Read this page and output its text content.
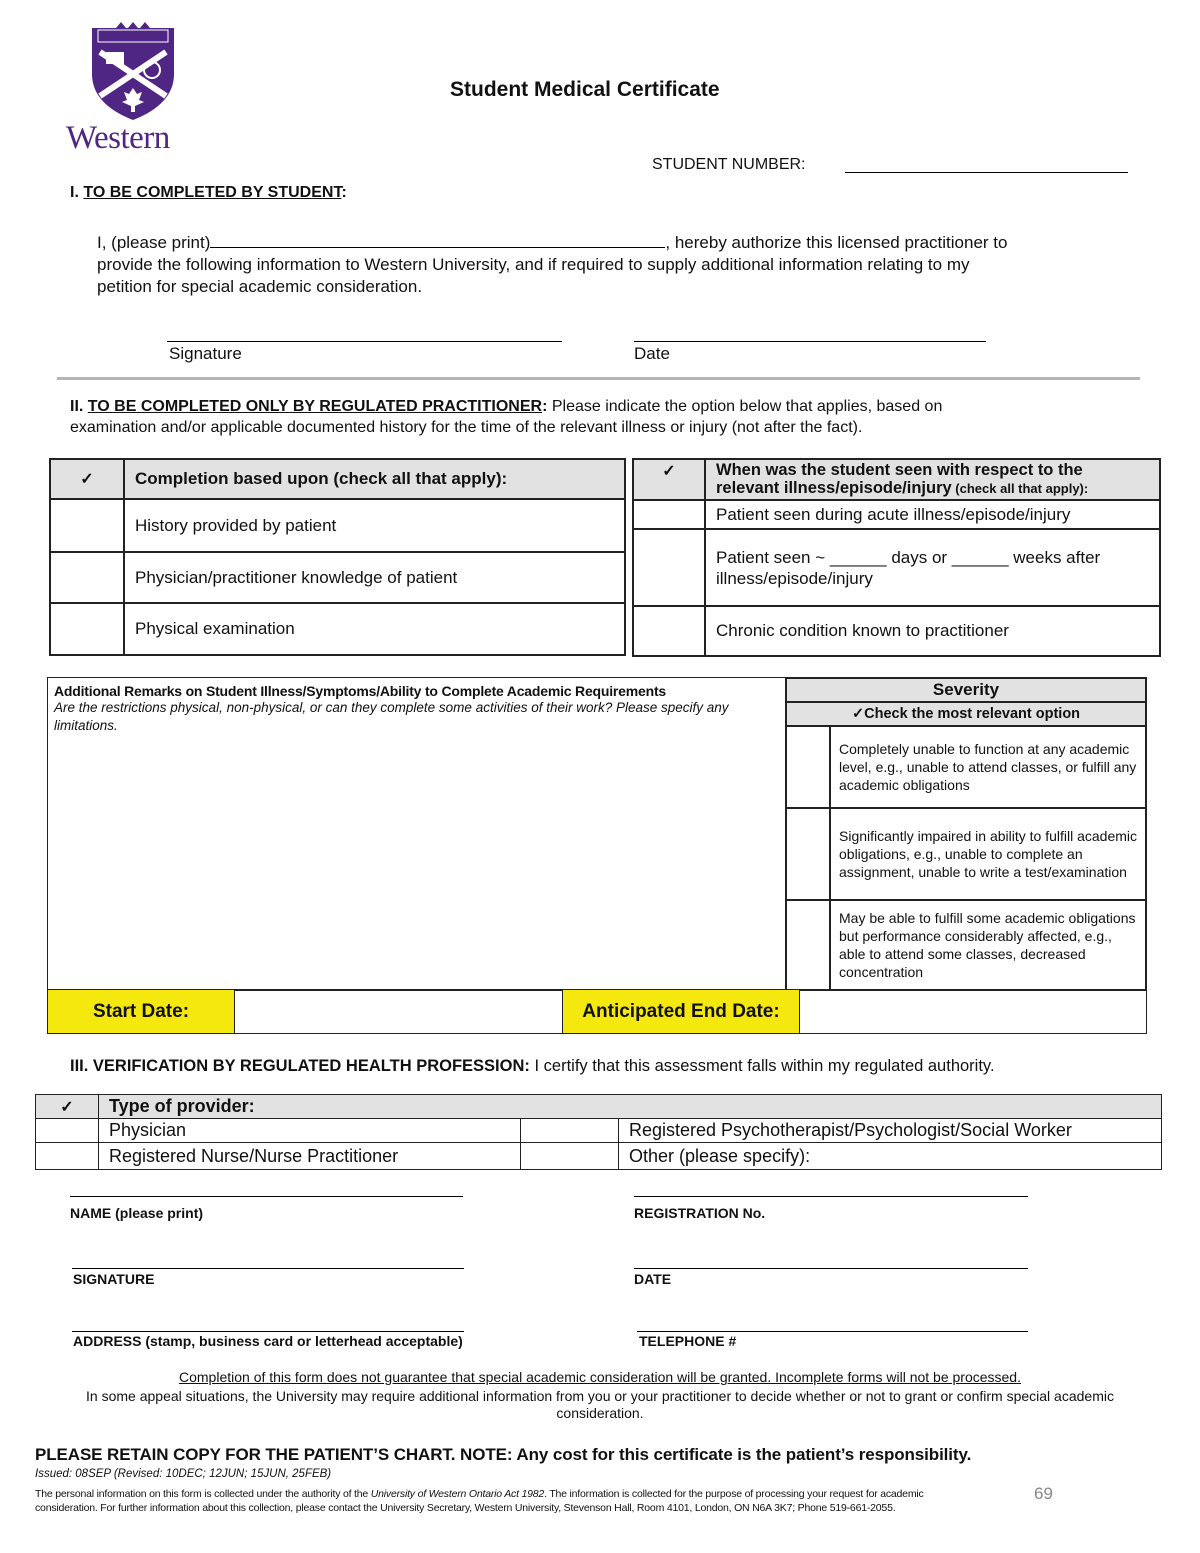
Western
Student Medical Certificate
STUDENT NUMBER:
I. TO BE COMPLETED BY STUDENT:
I, (please print)	, hereby authorize this licensed practitioner to
provide the following information to Western University, and if required to supply additional information relating to my
petition for special academic consideration.
Signature	Date
II. TO BE COMPLETED ONLY BY REGULATED PRACTITIONER: Please indicate the option below that applies, based on
examination and/or applicable documented history for the time of the relevant illness or injury (not after the fact).
✓	Completion based upon (check all that apply):
	History provided by patient
	Physician/practitioner knowledge of patient
	Physical examination
✓	When was the student seen with respect to the
relevant illness/episode/injury (check all that apply):

	Patient seen during acute illness/episode/injury

	Patient seen ~ ______ days or ______ weeks after
illness/episode/injury

	Chronic condition known to practitioner
Additional Remarks on Student Illness/Symptoms/Ability to Complete Academic Requirements
Are the restrictions physical, non-physical, or can they complete some activities of their work? Please specify any limitations.
Severity	
✓Check the most relevant option	
	Completely unable to function at any academic level, e.g., unable to attend classes, or fulfill any academic obligations
	Significantly impaired in ability to fulfill academic obligations, e.g., unable to complete an assignment, unable to write a test/examination
	May be able to fulfill some academic obligations but performance considerably affected, e.g., able to attend some classes, decreased concentration
Start Date:		Anticipated End Date:	
III. VERIFICATION BY REGULATED HEALTH PROFESSION: I certify that this assessment falls within my regulated authority.
✓	Type of provider:		
	Physician		Registered Psychotherapist/Psychologist/Social Worker
	Registered Nurse/Nurse Practitioner		Other (please specify):
NAME (please print)	REGISTRATION No.
SIGNATURE	DATE
ADDRESS (stamp, business card or letterhead acceptable)	TELEPHONE #
Completion of this form does not guarantee that special academic consideration will be granted. Incomplete forms will not be processed.
In some appeal situations, the University may require additional information from you or your practitioner to decide whether or not to grant or confirm special academic consideration.
PLEASE RETAIN COPY FOR THE PATIENT’S CHART. NOTE: Any cost for this certificate is the patient’s responsibility.
Issued: 08SEP (Revised: 10DEC; 12JUN; 15JUN, 25FEB)
The personal information on this form is collected under the authority of the University of Western Ontario Act 1982. The information is collected for the purpose of processing your request for academic
consideration. For further information about this collection, please contact the University Secretary, Western University, Stevenson Hall, Room 4101, London, ON N6A 3K7; Phone 519-661-2055.
69
